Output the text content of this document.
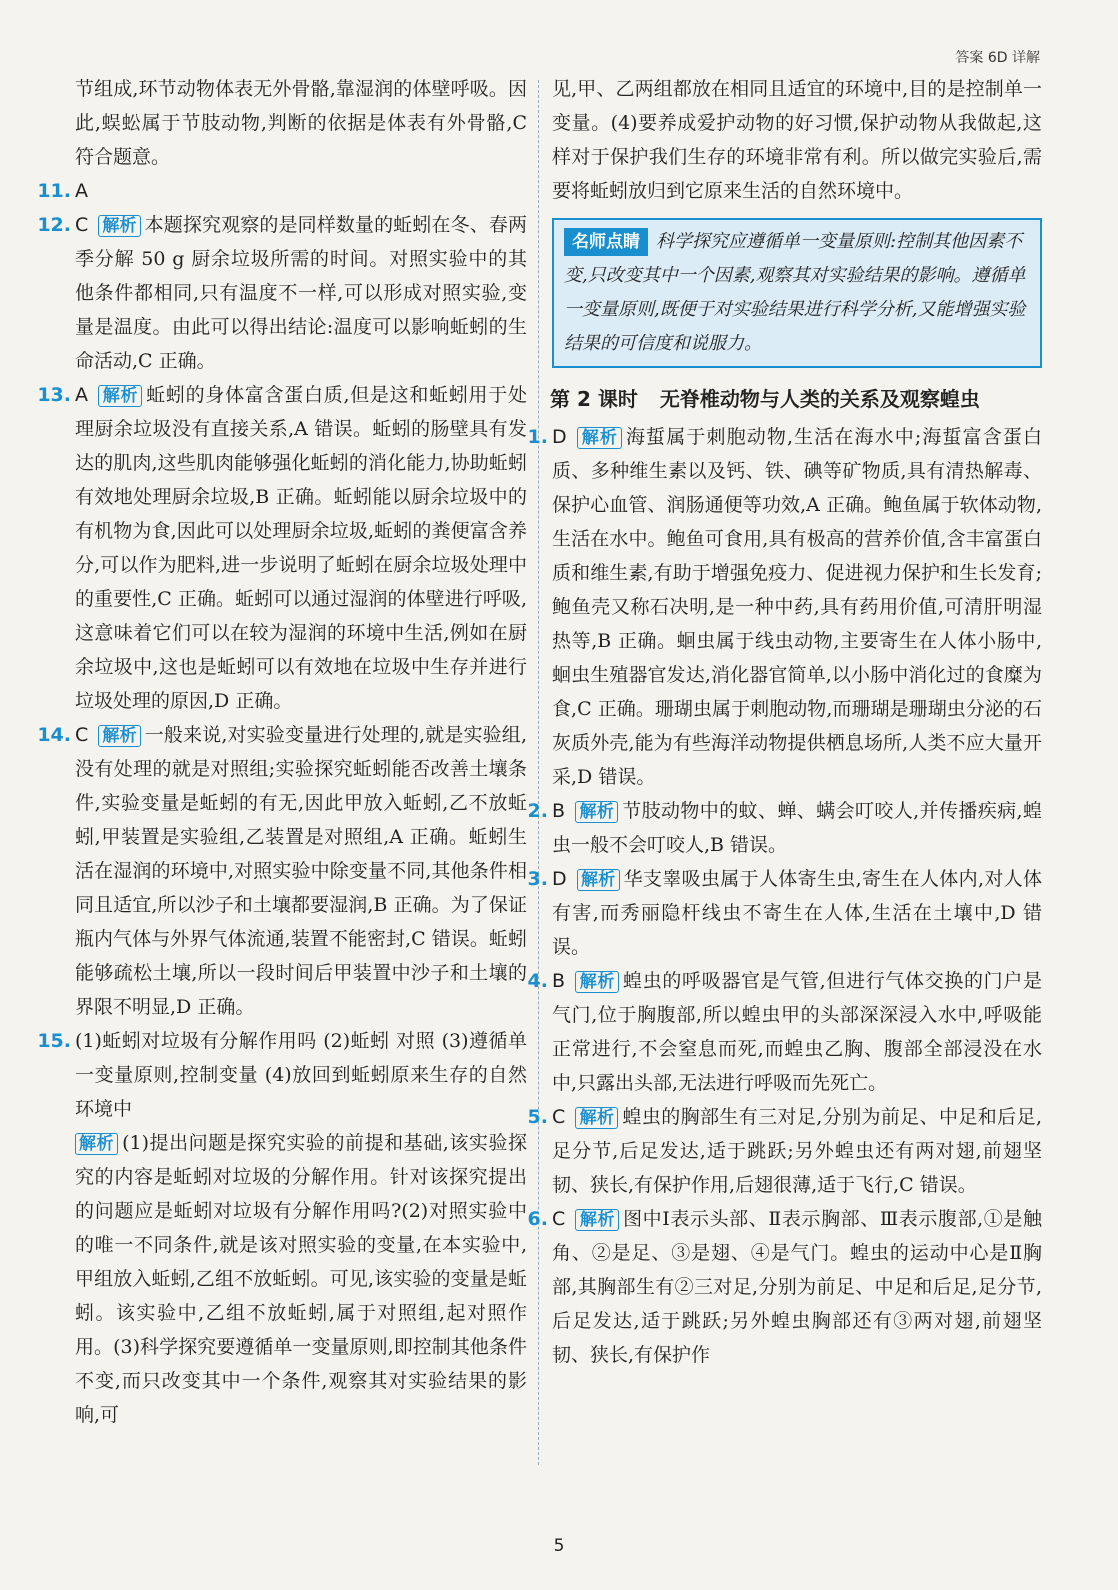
答案 6D 详解

节组成,环节动物体表无外骨骼,靠湿润的体壁呼吸。因此,蜈蚣属于节肢动物,判断的依据是体表有外骨骼,C 符合题意。

11. A
12. C 解析 本题探究观察的是同样数量的蚯蚓在冬、春两季分解 50 g 厨余垃圾所需的时间。对照实验中的其他条件都相同,只有温度不一样,可以形成对照实验,变量是温度。由此可以得出结论:温度可以影响蚯蚓的生命活动,C 正确。
13. A 解析 蚯蚓的身体富含蛋白质,但是这和蚯蚓用于处理厨余垃圾没有直接关系,A 错误。蚯蚓的肠壁具有发达的肌肉,这些肌肉能够强化蚯蚓的消化能力,协助蚯蚓有效地处理厨余垃圾,B 正确。蚯蚓能以厨余垃圾中的有机物为食,因此可以处理厨余垃圾,蚯蚓的粪便富含养分,可以作为肥料,进一步说明了蚯蚓在厨余垃圾处理中的重要性,C 正确。蚯蚓可以通过湿润的体壁进行呼吸,这意味着它们可以在较为湿润的环境中生活,例如在厨余垃圾中,这也是蚯蚓可以有效地在垃圾中生存并进行垃圾处理的原因,D 正确。
14. C 解析 一般来说,对实验变量进行处理的,就是实验组,没有处理的就是对照组;实验探究蚯蚓能否改善土壤条件,实验变量是蚯蚓的有无,因此甲放入蚯蚓,乙不放蚯蚓,甲装置是实验组,乙装置是对照组,A 正确。蚯蚓生活在湿润的环境中,对照实验中除变量不同,其他条件相同且适宜,所以沙子和土壤都要湿润,B 正确。为了保证瓶内气体与外界气体流通,装置不能密封,C 错误。蚯蚓能够疏松土壤,所以一段时间后甲装置中沙子和土壤的界限不明显,D 正确。
15. (1)蚯蚓对垃圾有分解作用吗 (2)蚯蚓 对照 (3)遵循单一变量原则,控制变量 (4)放回到蚯蚓原来生存的自然环境中
解析 (1)提出问题是探究实验的前提和基础,该实验探究的内容是蚯蚓对垃圾的分解作用。针对该探究提出的问题应是蚯蚓对垃圾有分解作用吗?(2)对照实验中的唯一不同条件,就是该对照实验的变量,在本实验中,甲组放入蚯蚓,乙组不放蚯蚓。可见,该实验的变量是蚯蚓。该实验中,乙组不放蚯蚓,属于对照组,起对照作用。(3)科学探究要遵循单一变量原则,即控制其他条件不变,而只改变其中一个条件,观察其对实验结果的影响,可

见,甲、乙两组都放在相同且适宜的环境中,目的是控制单一变量。(4)要养成爱护动物的好习惯,保护动物从我做起,这样对于保护我们生存的环境非常有利。所以做完实验后,需要将蚯蚓放归到它原来生活的自然环境中。

名师点睛 科学探究应遵循单一变量原则:控制其他因素不变,只改变其中一个因素,观察其对实验结果的影响。遵循单一变量原则,既便于对实验结果进行科学分析,又能增强实验结果的可信度和说服力。
第 2 课时 无脊椎动物与人类的关系及观察蝗虫
1. D 解析 海蜇属于刺胞动物,生活在海水中;海蜇富含蛋白质、多种维生素以及钙、铁、碘等矿物质,具有清热解毒、保护心血管、润肠通便等功效,A 正确。鲍鱼属于软体动物,生活在水中。鲍鱼可食用,具有极高的营养价值,含丰富蛋白质和维生素,有助于增强免疫力、促进视力保护和生长发育;鲍鱼壳又称石决明,是一种中药,具有药用价值,可清肝明湿热等,B 正确。蛔虫属于线虫动物,主要寄生在人体小肠中,蛔虫生殖器官发达,消化器官简单,以小肠中消化过的食糜为食,C 正确。珊瑚虫属于刺胞动物,而珊瑚是珊瑚虫分泌的石灰质外壳,能为有些海洋动物提供栖息场所,人类不应大量开采,D 错误。
2. B 解析 节肢动物中的蚊、蝉、螨会叮咬人,并传播疾病,蝗虫一般不会叮咬人,B 错误。
3. D 解析 华支睾吸虫属于人体寄生虫,寄生在人体内,对人体有害,而秀丽隐杆线虫不寄生在人体,生活在土壤中,D 错误。
4. B 解析 蝗虫的呼吸器官是气管,但进行气体交换的门户是气门,位于胸腹部,所以蝗虫甲的头部深深浸入水中,呼吸能正常进行,不会窒息而死,而蝗虫乙胸、腹部全部浸没在水中,只露出头部,无法进行呼吸而先死亡。
5. C 解析 蝗虫的胸部生有三对足,分别为前足、中足和后足,足分节,后足发达,适于跳跃;另外蝗虫还有两对翅,前翅坚韧、狭长,有保护作用,后翅很薄,适于飞行,C 错误。
6. C 解析 图中Ⅰ表示头部、Ⅱ表示胸部、Ⅲ表示腹部,①是触角、②是足、③是翅、④是气门。蝗虫的运动中心是Ⅱ胸部,其胸部生有②三对足,分别为前足、中足和后足,足分节,后足发达,适于跳跃;另外蝗虫胸部还有③两对翅,前翅坚韧、狭长,有保护作
5
